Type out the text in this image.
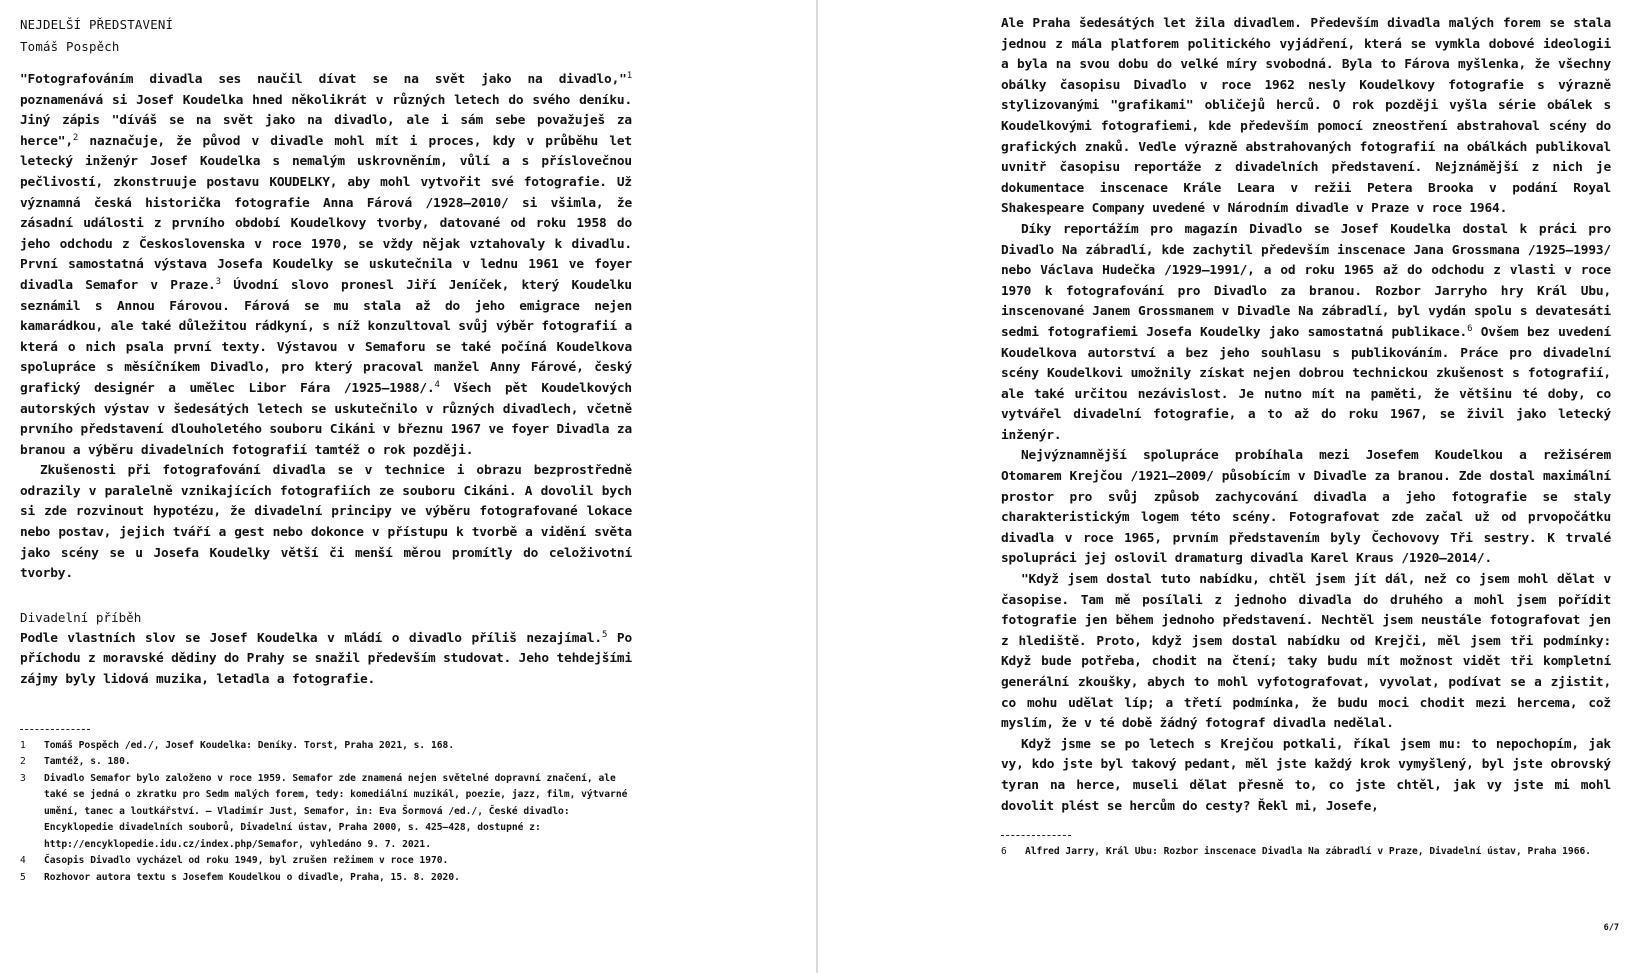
NEJDELŠÍ PŘEDSTAVENÍ
Tomáš Pospěch

"Fotografováním divadla ses naučil dívat se na svět jako na divadlo,"$^1$ poznamenává si Josef Koudelka hned několikrát v různých letech do svého deníku. Jiný zápis "díváš se na svět jako na divadlo, ale i sám sebe považuješ za herce",$^2$ naznačuje, že původ v divadle mohl mít i proces, kdy v průběhu let letecký inženýr Josef Koudelka s nemalým uskrovněním, vůlí a s příslovečnou pečlivostí, zkonstruuje postavu KOUDELKY, aby mohl vytvořit své fotografie. Už významná česká historička fotografie Anna Fárová /1928–2010/ si všimla, že zásadní události z prvního období Koudelkovy tvorby, datované od roku 1958 do jeho odchodu z Československa v roce 1970, se vždy nějak vztahovaly k divadlu. První samostatná výstava Josefa Koudelky se uskutečnila v lednu 1961 ve foyer divadla Semafor v Praze.$^3$ Úvodní slovo pronesl Jiří Jeníček, který Koudelku seznámil s Annou Fárovou. Fárová se mu stala až do jeho emigrace nejen kamarádkou, ale také důležitou rádkyní, s níž konzultoval svůj výběr fotografií a která o nich psala první texty. Výstavou v Semaforu se také počíná Koudelkova spolupráce s měsíčníkem Divadlo, pro který pracoval manžel Anny Fárové, český grafický designér a umělec Libor Fára /1925–1988/.$^4$ Všech pět Koudelkových autorských výstav v šedesátých letech se uskutečnilo v různých divadlech, včetně prvního představení dlouholetého souboru Cikáni v březnu 1967 ve foyer Divadla za branou a výběru divadelních fotografií tamtéž o rok později.

Zkušenosti při fotografování divadla se v technice i obrazu bezprostředně odrazily v paralelně vznikajících fotografiích ze souboru Cikáni. A dovolil bych si zde rozvinout hypotézu, že divadelní principy ve výběru fotografované lokace nebo postav, jejich tváří a gest nebo dokonce v přístupu k tvorbě a vidění světa jako scény se u Josefa Koudelky větší či menší měrou promítly do celoživotní tvorby.

Divadelní příběh

Podle vlastních slov se Josef Koudelka v mládí o divadlo příliš nezajímal.$^5$ Po příchodu z moravské dědiny do Prahy se snažil především studovat. Jeho tehdejšími zájmy byly lidová muzika, letadla a fotografie.

1	Tomáš Pospěch /ed./, Josef Koudelka: Deníky. Torst, Praha 2021, s. 168.
2	Tamtéž, s. 180.
3	Divadlo Semafor bylo založeno v roce 1959. Semafor zde znamená nejen světelné dopravní značení, ale také se jedná o zkratku pro Sedm malých forem, tedy: komediální muzikál, poezie, jazz, film, výtvarné umění, tanec a loutkářství. – Vladimír Just, Semafor, in: Eva Šormová /ed./, České divadlo: Encyklopedie divadelních souborů, Divadelní ústav, Praha 2000, s. 425–428, dostupné z: http://encyklopedie.idu.cz/index.php/Semafor, vyhledáno 9. 7. 2021.
4	Časopis Divadlo vycházel od roku 1949, byl zrušen režimem v roce 1970.
5	Rozhovor autora textu s Josefem Koudelkou o divadle, Praha, 15. 8. 2020.

Ale Praha šedesátých let žila divadlem. Především divadla malých forem se stala jednou z mála platforem politického vyjádření, která se vymkla dobové ideologii a byla na svou dobu do velké míry svobodná. Byla to Fárova myšlenka, že všechny obálky časopisu Divadlo v roce 1962 nesly Koudelkovy fotografie s výrazně stylizovanými "grafikami" obličejů herců. O rok později vyšla série obálek s Koudelkovými fotografiemi, kde především pomocí zneostření abstrahoval scény do grafických znaků. Vedle výrazně abstrahovaných fotografií na obálkách publikoval uvnitř časopisu reportáže z divadelních představení. Nejznámější z nich je dokumentace inscenace Krále Leara v režii Petera Brooka v podání Royal Shakespeare Company uvedené v Národním divadle v Praze v roce 1964.

Díky reportážím pro magazín Divadlo se Josef Koudelka dostal k práci pro Divadlo Na zábradlí, kde zachytil především inscenace Jana Grossmana /1925–1993/ nebo Václava Hudečka /1929–1991/, a od roku 1965 až do odchodu z vlasti v roce 1970 k fotografování pro Divadlo za branou. Rozbor Jarryho hry Král Ubu, inscenované Janem Grossmanem v Divadle Na zábradlí, byl vydán spolu s devatesáti sedmi fotografiemi Josefa Koudelky jako samostatná publikace.$^6$ Ovšem bez uvedení Koudelkova autorství a bez jeho souhlasu s publikováním. Práce pro divadelní scény Koudelkovi umožnily získat nejen dobrou technickou zkušenost s fotografií, ale také určitou nezávislost. Je nutno mít na paměti, že většinu té doby, co vytvářel divadelní fotografie, a to až do roku 1967, se živil jako letecký inženýr.

Nejvýznamnější spolupráce probíhala mezi Josefem Koudelkou a režisérem Otomarem Krejčou /1921–2009/ působícím v Divadle za branou. Zde dostal maximální prostor pro svůj způsob zachycování divadla a jeho fotografie se staly charakteristickým logem této scény. Fotografovat zde začal už od prvopočátku divadla v roce 1965, prvním představením byly Čechovovy Tři sestry. K trvalé spolupráci jej oslovil dramaturg divadla Karel Kraus /1920–2014/.

"Když jsem dostal tuto nabídku, chtěl jsem jít dál, než co jsem mohl dělat v časopise. Tam mě posílali z jednoho divadla do druhého a mohl jsem pořídit fotografie jen během jednoho představení. Nechtěl jsem neustále fotografovat jen z hlediště. Proto, když jsem dostal nabídku od Krejči, měl jsem tři podmínky: Když bude potřeba, chodit na čtení; taky budu mít možnost vidět tři kompletní generální zkoušky, abych to mohl vyfotografovat, vyvolat, podívat se a zjistit, co mohu udělat líp; a třetí podmínka, že budu moci chodit mezi hercema, což myslím, že v té době žádný fotograf divadla nedělal.

Když jsme se po letech s Krejčou potkali, říkal jsem mu: to nepochopím, jak vy, kdo jste byl takový pedant, měl jste každý krok vymyšlený, byl jste obrovský tyran na herce, museli dělat přesně to, co jste chtěl, jak vy jste mi mohl dovolit plést se hercům do cesty? Řekl mi, Josefe,

6	Alfred Jarry, Král Ubu: Rozbor inscenace Divadla Na zábradlí v Praze, Divadelní ústav, Praha 1966.
6/7
